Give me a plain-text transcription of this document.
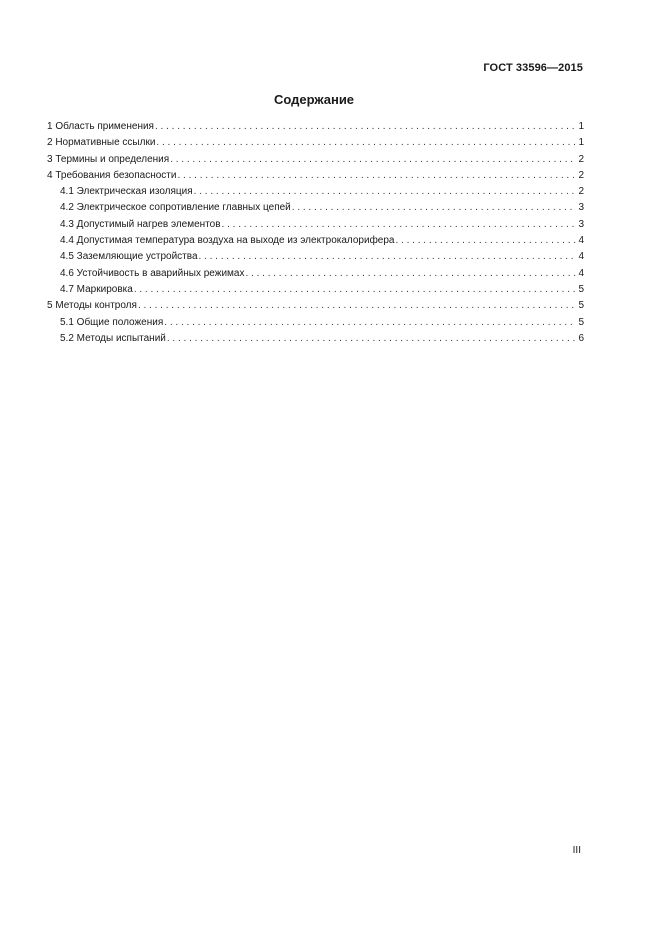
ГОСТ 33596—2015
Содержание
1 Область применения . . .	1
2 Нормативные ссылки . . .	1
3 Термины и определения . . .	2
4 Требования безопасности . . .	2
4.1 Электрическая изоляция . . .	2
4.2 Электрическое сопротивление главных цепей . . .	3
4.3 Допустимый нагрев элементов . . .	3
4.4 Допустимая температура воздуха на выходе из электрокалорифера . . .	4
4.5 Заземляющие устройства . . .	4
4.6 Устойчивость в аварийных режимах . . .	4
4.7 Маркировка . . .	5
5 Методы контроля . . .	5
5.1 Общие положения . . .	5
5.2 Методы испытаний . . .	6
III
